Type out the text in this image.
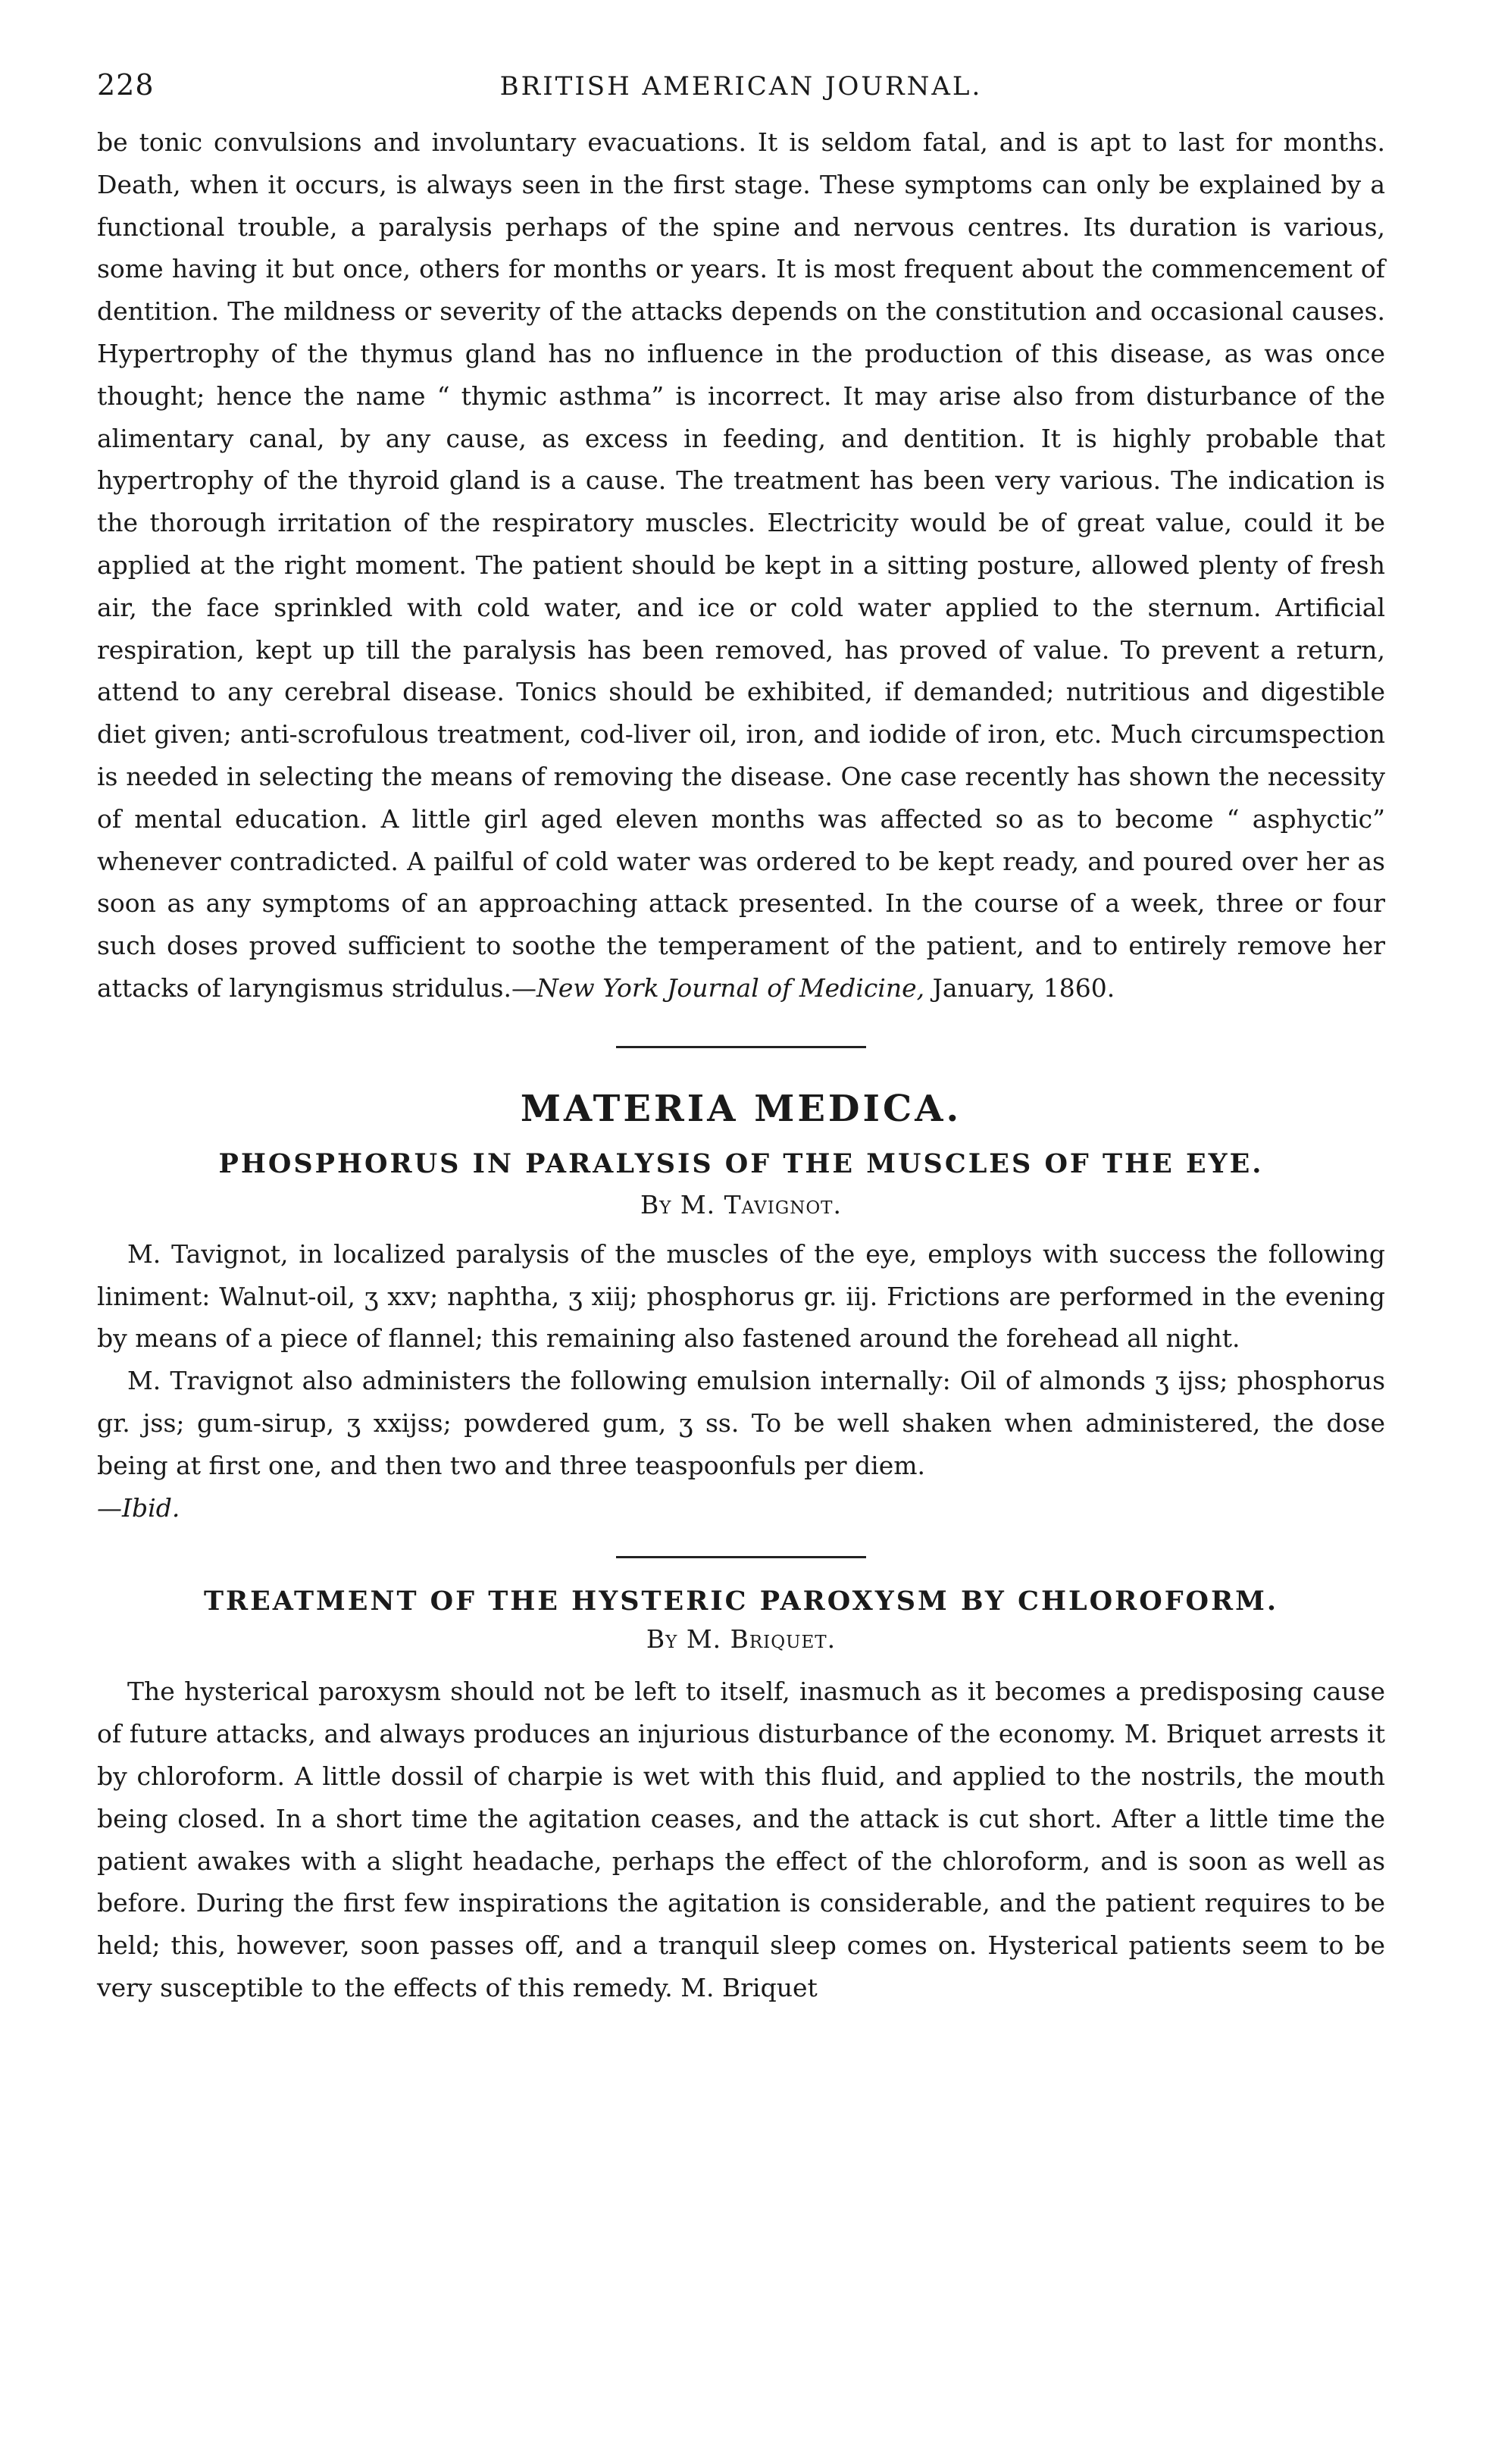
228	BRITISH AMERICAN JOURNAL.

be tonic convulsions and involuntary evacuations. It is seldom fatal, and is apt to last for months. Death, when it occurs, is always seen in the first stage. These symptoms can only be explained by a functional trouble, a paralysis perhaps of the spine and nervous centres. Its duration is various, some having it but once, others for months or years. It is most frequent about the commencement of dentition. The mildness or severity of the attacks depends on the constitution and occasional causes. Hypertrophy of the thymus gland has no influence in the production of this disease, as was once thought; hence the name “ thymic asthma” is incorrect. It may arise also from disturbance of the alimentary canal, by any cause, as excess in feeding, and dentition. It is highly probable that hypertrophy of the thyroid gland is a cause. The treatment has been very various. The indication is the thorough irritation of the respiratory muscles. Electricity would be of great value, could it be applied at the right moment. The patient should be kept in a sitting posture, allowed plenty of fresh air, the face sprinkled with cold water, and ice or cold water applied to the sternum. Artificial respiration, kept up till the paralysis has been removed, has proved of value. To prevent a return, attend to any cerebral disease. Tonics should be exhibited, if demanded; nutritious and digestible diet given; anti-scrofulous treatment, cod-liver oil, iron, and iodide of iron, etc. Much circumspection is needed in selecting the means of removing the disease. One case recently has shown the necessity of mental education. A little girl aged eleven months was affected so as to become “ asphyctic” whenever contradicted. A pailful of cold water was ordered to be kept ready, and poured over her as soon as any symptoms of an approaching attack presented. In the course of a week, three or four such doses proved sufficient to soothe the temperament of the patient, and to entirely remove her attacks of laryngismus stridulus.—New York Journal of Medicine, January, 1860.

MATERIA MEDICA.
PHOSPHORUS IN PARALYSIS OF THE MUSCLES OF THE EYE.

By M. Tavignot.

M. Tavignot, in localized paralysis of the muscles of the eye, employs with success the following liniment: Walnut-oil, ʒ xxv; naphtha, ʒ xiij; phosphorus gr. iij. Frictions are performed in the evening by means of a piece of flannel; this remaining also fastened around the forehead all night.

M. Travignot also administers the following emulsion internally: Oil of almonds ʒ ijss; phosphorus gr. jss; gum-sirup, ʒ xxijss; powdered gum, ʒ ss. To be well shaken when administered, the dose being at first one, and then two and three teaspoonfuls per diem.
—Ibid.

TREATMENT OF THE HYSTERIC PAROXYSM BY CHLOROFORM.

By M. Briquet.

The hysterical paroxysm should not be left to itself, inasmuch as it becomes a predisposing cause of future attacks, and always produces an injurious disturbance of the economy. M. Briquet arrests it by chloroform. A little dossil of charpie is wet with this fluid, and applied to the nostrils, the mouth being closed. In a short time the agitation ceases, and the attack is cut short. After a little time the patient awakes with a slight headache, perhaps the effect of the chloroform, and is soon as well as before. During the first few inspirations the agitation is considerable, and the patient requires to be held; this, however, soon passes off, and a tranquil sleep comes on. Hysterical patients seem to be very susceptible to the effects of this remedy. M. Briquet
